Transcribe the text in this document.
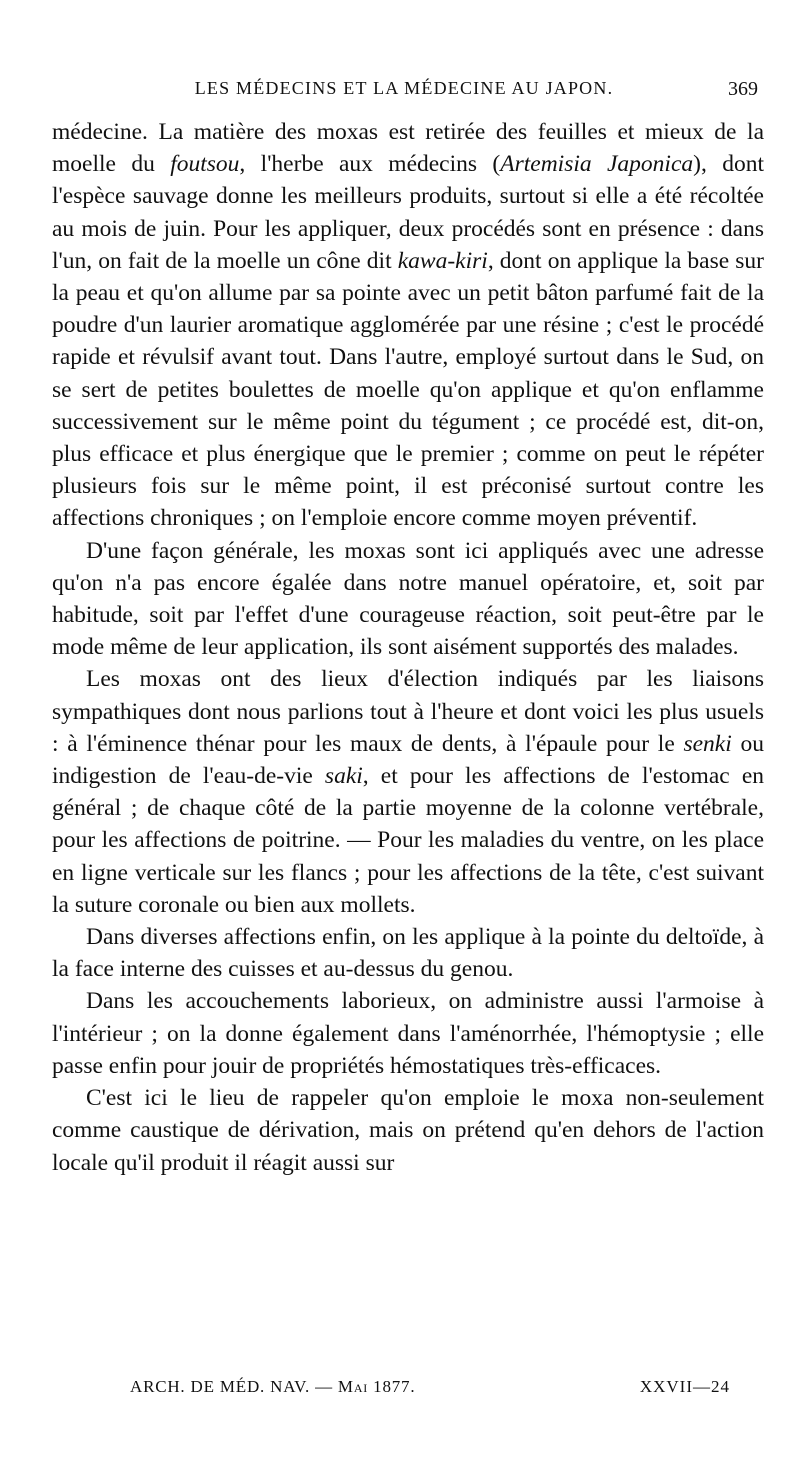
LES MÉDECINS ET LA MÉDECINE AU JAPON.	369

médecine. La matière des moxas est retirée des feuilles et mieux de la moelle du foutsou, l'herbe aux médecins (Artemisia Japonica), dont l'espèce sauvage donne les meilleurs produits, surtout si elle a été récoltée au mois de juin. Pour les appliquer, deux procédés sont en présence : dans l'un, on fait de la moelle un cône dit kawa-kiri, dont on applique la base sur la peau et qu'on allume par sa pointe avec un petit bâton parfumé fait de la poudre d'un laurier aromatique agglomérée par une résine ; c'est le procédé rapide et révulsif avant tout. Dans l'autre, employé surtout dans le Sud, on se sert de petites boulettes de moelle qu'on applique et qu'on enflamme successivement sur le même point du tégument ; ce procédé est, dit-on, plus efficace et plus énergique que le premier ; comme on peut le répéter plusieurs fois sur le même point, il est préconisé surtout contre les affections chroniques ; on l'emploie encore comme moyen préventif.

D'une façon générale, les moxas sont ici appliqués avec une adresse qu'on n'a pas encore égalée dans notre manuel opératoire, et, soit par habitude, soit par l'effet d'une courageuse réaction, soit peut-être par le mode même de leur application, ils sont aisément supportés des malades.

Les moxas ont des lieux d'élection indiqués par les liaisons sympathiques dont nous parlions tout à l'heure et dont voici les plus usuels : à l'éminence thénar pour les maux de dents, à l'épaule pour le senki ou indigestion de l'eau-de-vie saki, et pour les affections de l'estomac en général ; de chaque côté de la partie moyenne de la colonne vertébrale, pour les affections de poitrine. — Pour les maladies du ventre, on les place en ligne verticale sur les flancs ; pour les affections de la tête, c'est suivant la suture coronale ou bien aux mollets.

Dans diverses affections enfin, on les applique à la pointe du deltoïde, à la face interne des cuisses et au-dessus du genou.

Dans les accouchements laborieux, on administre aussi l'armoise à l'intérieur ; on la donne également dans l'aménorrhée, l'hémoptysie ; elle passe enfin pour jouir de propriétés hémostatiques très-efficaces.

C'est ici le lieu de rappeler qu'on emploie le moxa non-seulement comme caustique de dérivation, mais on prétend qu'en dehors de l'action locale qu'il produit il réagit aussi sur

ARCH. DE MÉD. NAV. — Mai 1877.	XXVII—24
